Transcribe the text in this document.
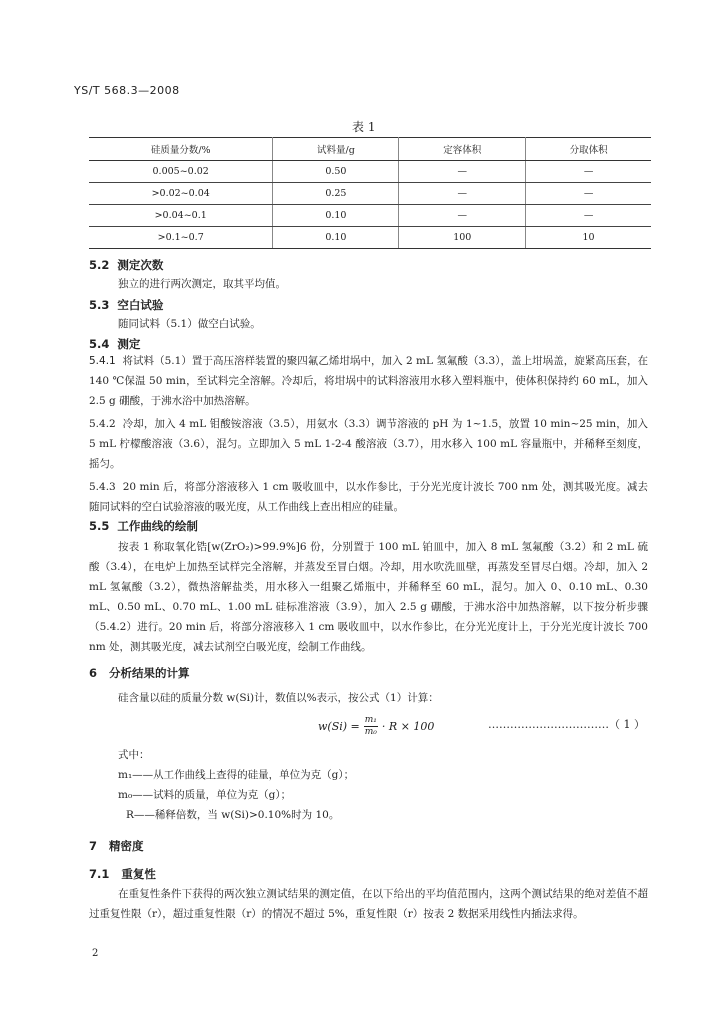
YS/T 568.3—2008
表 1
硅质量分数/%	试料量/g	定容体积	分取体积
0.005~0.02	0.50	—	—
>0.02~0.04	0.25	—	—
>0.04~0.1	0.10	—	—
>0.1~0.7	0.10	100	10
5.2 测定次数
独立的进行两次测定，取其平均值。
5.3 空白试验
随同试料（5.1）做空白试验。
5.4 测定
5.4.1 将试料（5.1）置于高压溶样装置的聚四氟乙烯坩埚中，加入 2 mL 氢氟酸（3.3），盖上坩埚盖，旋紧高压套，在 140 ℃保温 50 min，至试料完全溶解。冷却后，将坩埚中的试料溶液用水移入塑料瓶中，使体积保持约 60 mL，加入 2.5 g 硼酸，于沸水浴中加热溶解。
5.4.2 冷却，加入 4 mL 钼酸铵溶液（3.5），用氨水（3.3）调节溶液的 pH 为 1~1.5，放置 10 min~25 min，加入 5 mL 柠檬酸溶液（3.6），混匀。立即加入 5 mL 1-2-4 酸溶液（3.7），用水移入 100 mL 容量瓶中，并稀释至刻度，摇匀。
5.4.3 20 min 后，将部分溶液移入 1 cm 吸收皿中，以水作参比，于分光光度计波长 700 nm 处，测其吸光度。减去随同试料的空白试验溶液的吸光度，从工作曲线上查出相应的硅量。
5.5 工作曲线的绘制
按表 1 称取氧化锆[w(ZrO₂)>99.9%]6 份，分别置于 100 mL 铂皿中，加入 8 mL 氢氟酸（3.2）和 2 mL 硫酸（3.4），在电炉上加热至试样完全溶解，并蒸发至冒白烟。冷却，用水吹洗皿壁，再蒸发至冒尽白烟。冷却，加入 2 mL 氢氟酸（3.2），微热溶解盐类，用水移入一组聚乙烯瓶中，并稀释至 60 mL，混匀。加入 0、0.10 mL、0.30 mL、0.50 mL、0.70 mL、1.00 mL 硅标准溶液（3.9），加入 2.5 g 硼酸，于沸水浴中加热溶解，以下按分析步骤（5.4.2）进行。20 min 后，将部分溶液移入 1 cm 吸收皿中，以水作参比，在分光光度计上，于分光光度计波长 700 nm 处，测其吸光度，减去试剂空白吸光度，绘制工作曲线。
6 分析结果的计算
硅含量以硅的质量分数 w(Si)计，数值以%表示，按公式（1）计算：
$w(Si) = \frac{\text{m₁}}{\text{m₀}} \cdot R \times 100$	……………………………（ 1 ）
式中：
m₁——从工作曲线上查得的硅量，单位为克（g）；
m₀——试料的质量，单位为克（g）；
R——稀释倍数，当 w(Si)>0.10%时为 10。
7 精密度
7.1 重复性
在重复性条件下获得的两次独立测试结果的测定值，在以下给出的平均值范围内，这两个测试结果的绝对差值不超过重复性限（r），超过重复性限（r）的情况不超过 5%，重复性限（r）按表 2 数据采用线性内插法求得。
2
